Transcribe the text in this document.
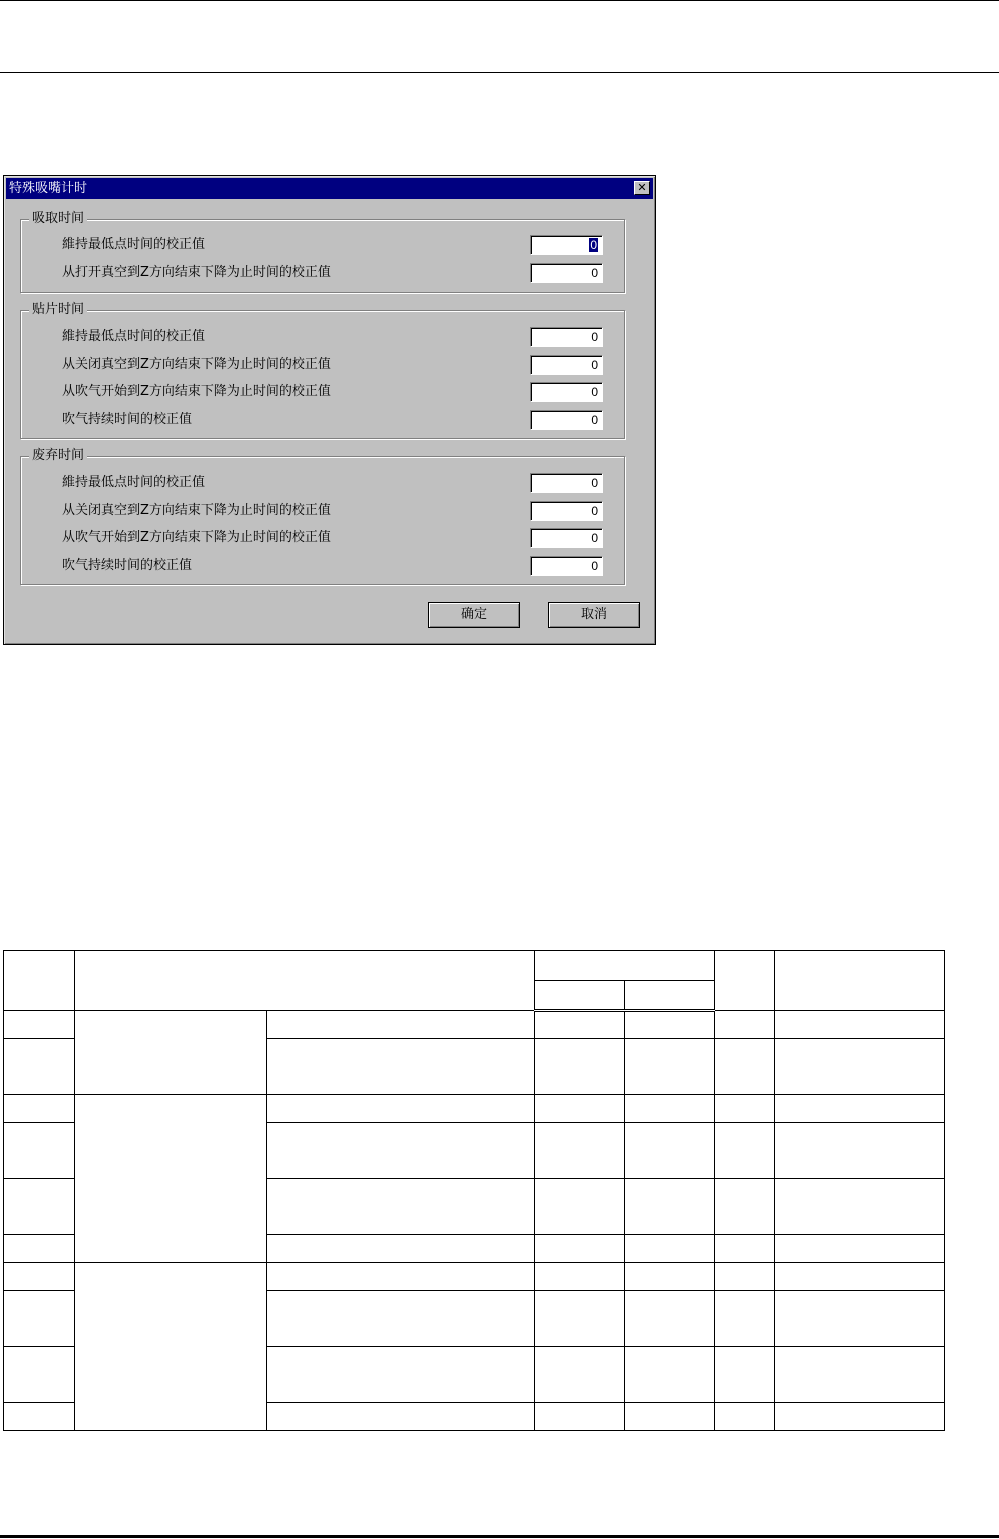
特殊吸嘴计时	✕
吸取时间
維持最低点时间的校正值	0
从打开真空到Z方向结束下降为止时间的校正值	0
贴片时间
維持最低点时间的校正值	0
从关闭真空到Z方向结束下降为止时间的校正值	0
从吹气开始到Z方向结束下降为止时间的校正值	0
吹气持续时间的校正值	0
废弃时间
維持最低点时间的校正值	0
从关闭真空到Z方向结束下降为止时间的校正值	0
从吹气开始到Z方向结束下降为止时间的校正值	0
吹气持续时间的校正值	0
确定	取消
